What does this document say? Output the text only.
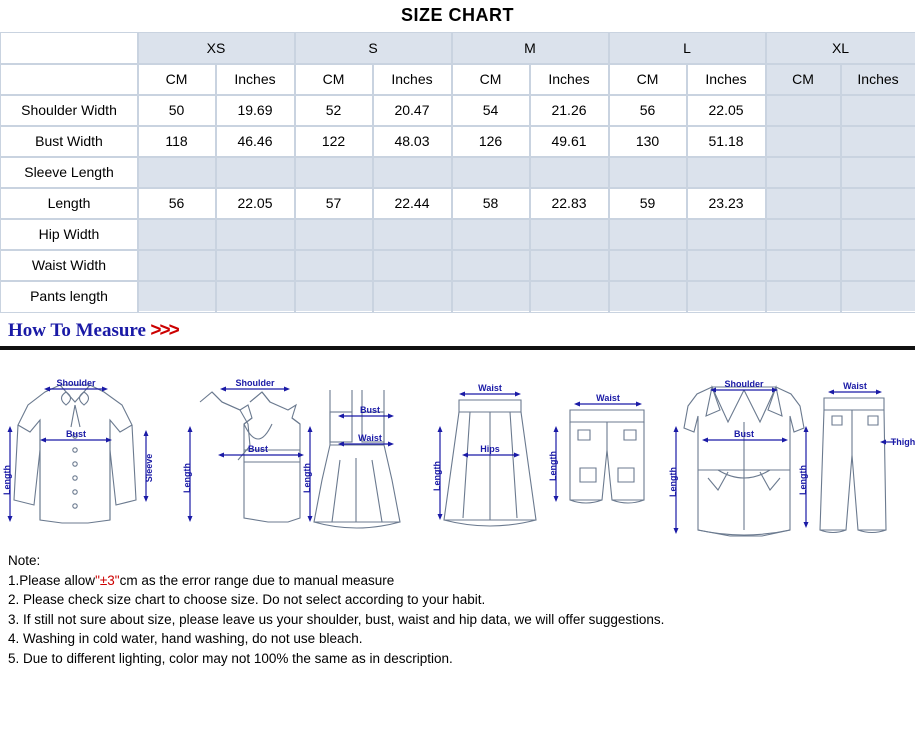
SIZE CHART
	XS		S		M		L		XL	
	CM	Inches	CM	Inches	CM	Inches	CM	Inches	CM	Inches
Shoulder Width	50	19.69	52	20.47	54	21.26	56	22.05		
Bust Width	118	46.46	122	48.03	126	49.61	130	51.18		
Sleeve Length										
Length	56	22.05	57	22.44	58	22.83	59	23.23		
Hip Width										
Waist Width										
Pants length										
How To Measure >>>
Shoulder
Bust
Length	Sleeve
Shoulder
Bust
Length
Bust
Waist
Length
Waist
Hips
Length
Waist
Length
Shoulder
Bust
Length
Waist
Thigh
Length
Note:
1.Please allow"±3"cm as the error range due to manual measure
2. Please check size chart to choose size. Do not select according to your habit.
3. If still not sure about size, please leave us your shoulder, bust, waist and hip data, we will offer suggestions.
4. Washing in cold water, hand washing, do not use bleach.
5. Due to different lighting, color may not 100% the same as in description.
